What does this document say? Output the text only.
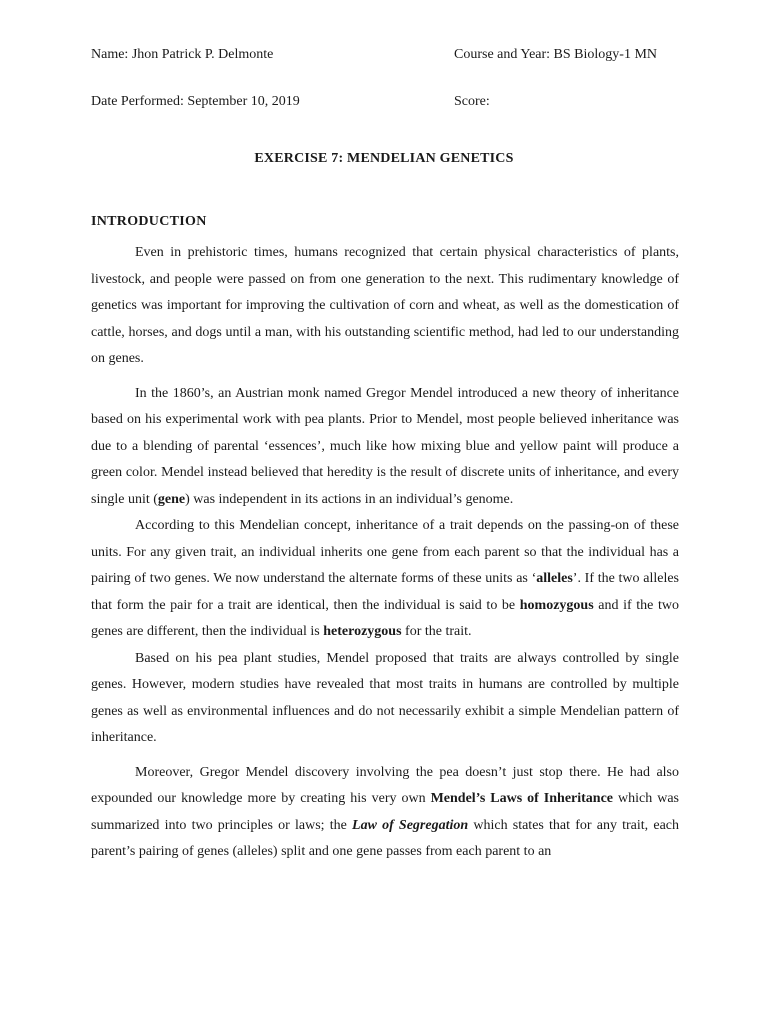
Name: Jhon Patrick P. Delmonte	Course and Year: BS Biology-1 MN
Date Performed: September 10, 2019	Score:
EXERCISE 7: MENDELIAN GENETICS
INTRODUCTION

Even in prehistoric times, humans recognized that certain physical characteristics of plants, livestock, and people were passed on from one generation to the next. This rudimentary knowledge of genetics was important for improving the cultivation of corn and wheat, as well as the domestication of cattle, horses, and dogs until a man, with his outstanding scientific method, had led to our understanding on genes.

In the 1860’s, an Austrian monk named Gregor Mendel introduced a new theory of inheritance based on his experimental work with pea plants. Prior to Mendel, most people believed inheritance was due to a blending of parental ‘essences’, much like how mixing blue and yellow paint will produce a green color. Mendel instead believed that heredity is the result of discrete units of inheritance, and every single unit (gene) was independent in its actions in an individual’s genome.

According to this Mendelian concept, inheritance of a trait depends on the passing-on of these units. For any given trait, an individual inherits one gene from each parent so that the individual has a pairing of two genes. We now understand the alternate forms of these units as ‘alleles’. If the two alleles that form the pair for a trait are identical, then the individual is said to be homozygous and if the two genes are different, then the individual is heterozygous for the trait.

Based on his pea plant studies, Mendel proposed that traits are always controlled by single genes. However, modern studies have revealed that most traits in humans are controlled by multiple genes as well as environmental influences and do not necessarily exhibit a simple Mendelian pattern of inheritance.

Moreover, Gregor Mendel discovery involving the pea doesn’t just stop there. He had also expounded our knowledge more by creating his very own Mendel’s Laws of Inheritance which was summarized into two principles or laws; the Law of Segregation which states that for any trait, each parent’s pairing of genes (alleles) split and one gene passes from each parent to an
